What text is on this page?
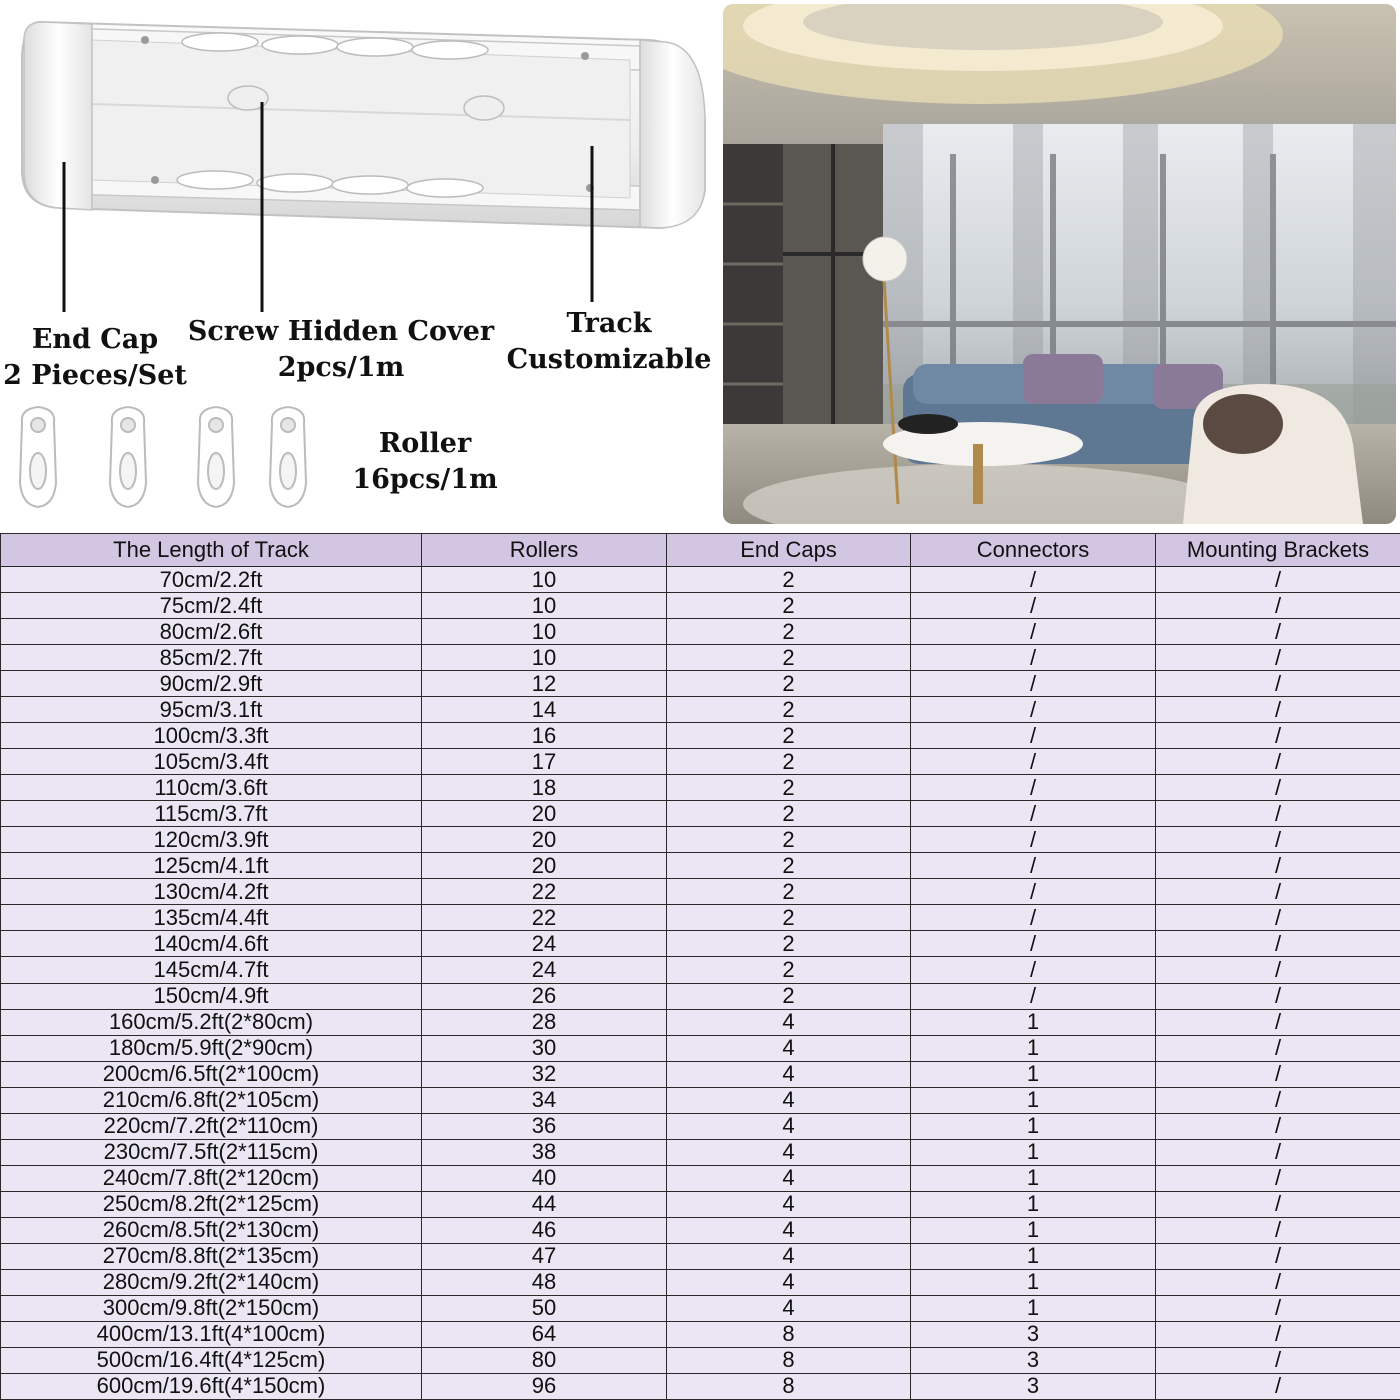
End Cap
2 Pieces/Set
Screw Hidden Cover
2pcs/1m
Track
Customizable
Roller
16pcs/1m
The Length of Track	Rollers	End Caps	Connectors	Mounting Brackets
70cm/2.2ft	10	2	/	/
75cm/2.4ft	10	2	/	/
80cm/2.6ft	10	2	/	/
85cm/2.7ft	10	2	/	/
90cm/2.9ft	12	2	/	/
95cm/3.1ft	14	2	/	/
100cm/3.3ft	16	2	/	/
105cm/3.4ft	17	2	/	/
110cm/3.6ft	18	2	/	/
115cm/3.7ft	20	2	/	/
120cm/3.9ft	20	2	/	/
125cm/4.1ft	20	2	/	/
130cm/4.2ft	22	2	/	/
135cm/4.4ft	22	2	/	/
140cm/4.6ft	24	2	/	/
145cm/4.7ft	24	2	/	/
150cm/4.9ft	26	2	/	/
160cm/5.2ft(2*80cm)	28	4	1	/
180cm/5.9ft(2*90cm)	30	4	1	/
200cm/6.5ft(2*100cm)	32	4	1	/
210cm/6.8ft(2*105cm)	34	4	1	/
220cm/7.2ft(2*110cm)	36	4	1	/
230cm/7.5ft(2*115cm)	38	4	1	/
240cm/7.8ft(2*120cm)	40	4	1	/
250cm/8.2ft(2*125cm)	44	4	1	/
260cm/8.5ft(2*130cm)	46	4	1	/
270cm/8.8ft(2*135cm)	47	4	1	/
280cm/9.2ft(2*140cm)	48	4	1	/
300cm/9.8ft(2*150cm)	50	4	1	/
400cm/13.1ft(4*100cm)	64	8	3	/
500cm/16.4ft(4*125cm)	80	8	3	/
600cm/19.6ft(4*150cm)	96	8	3	/
